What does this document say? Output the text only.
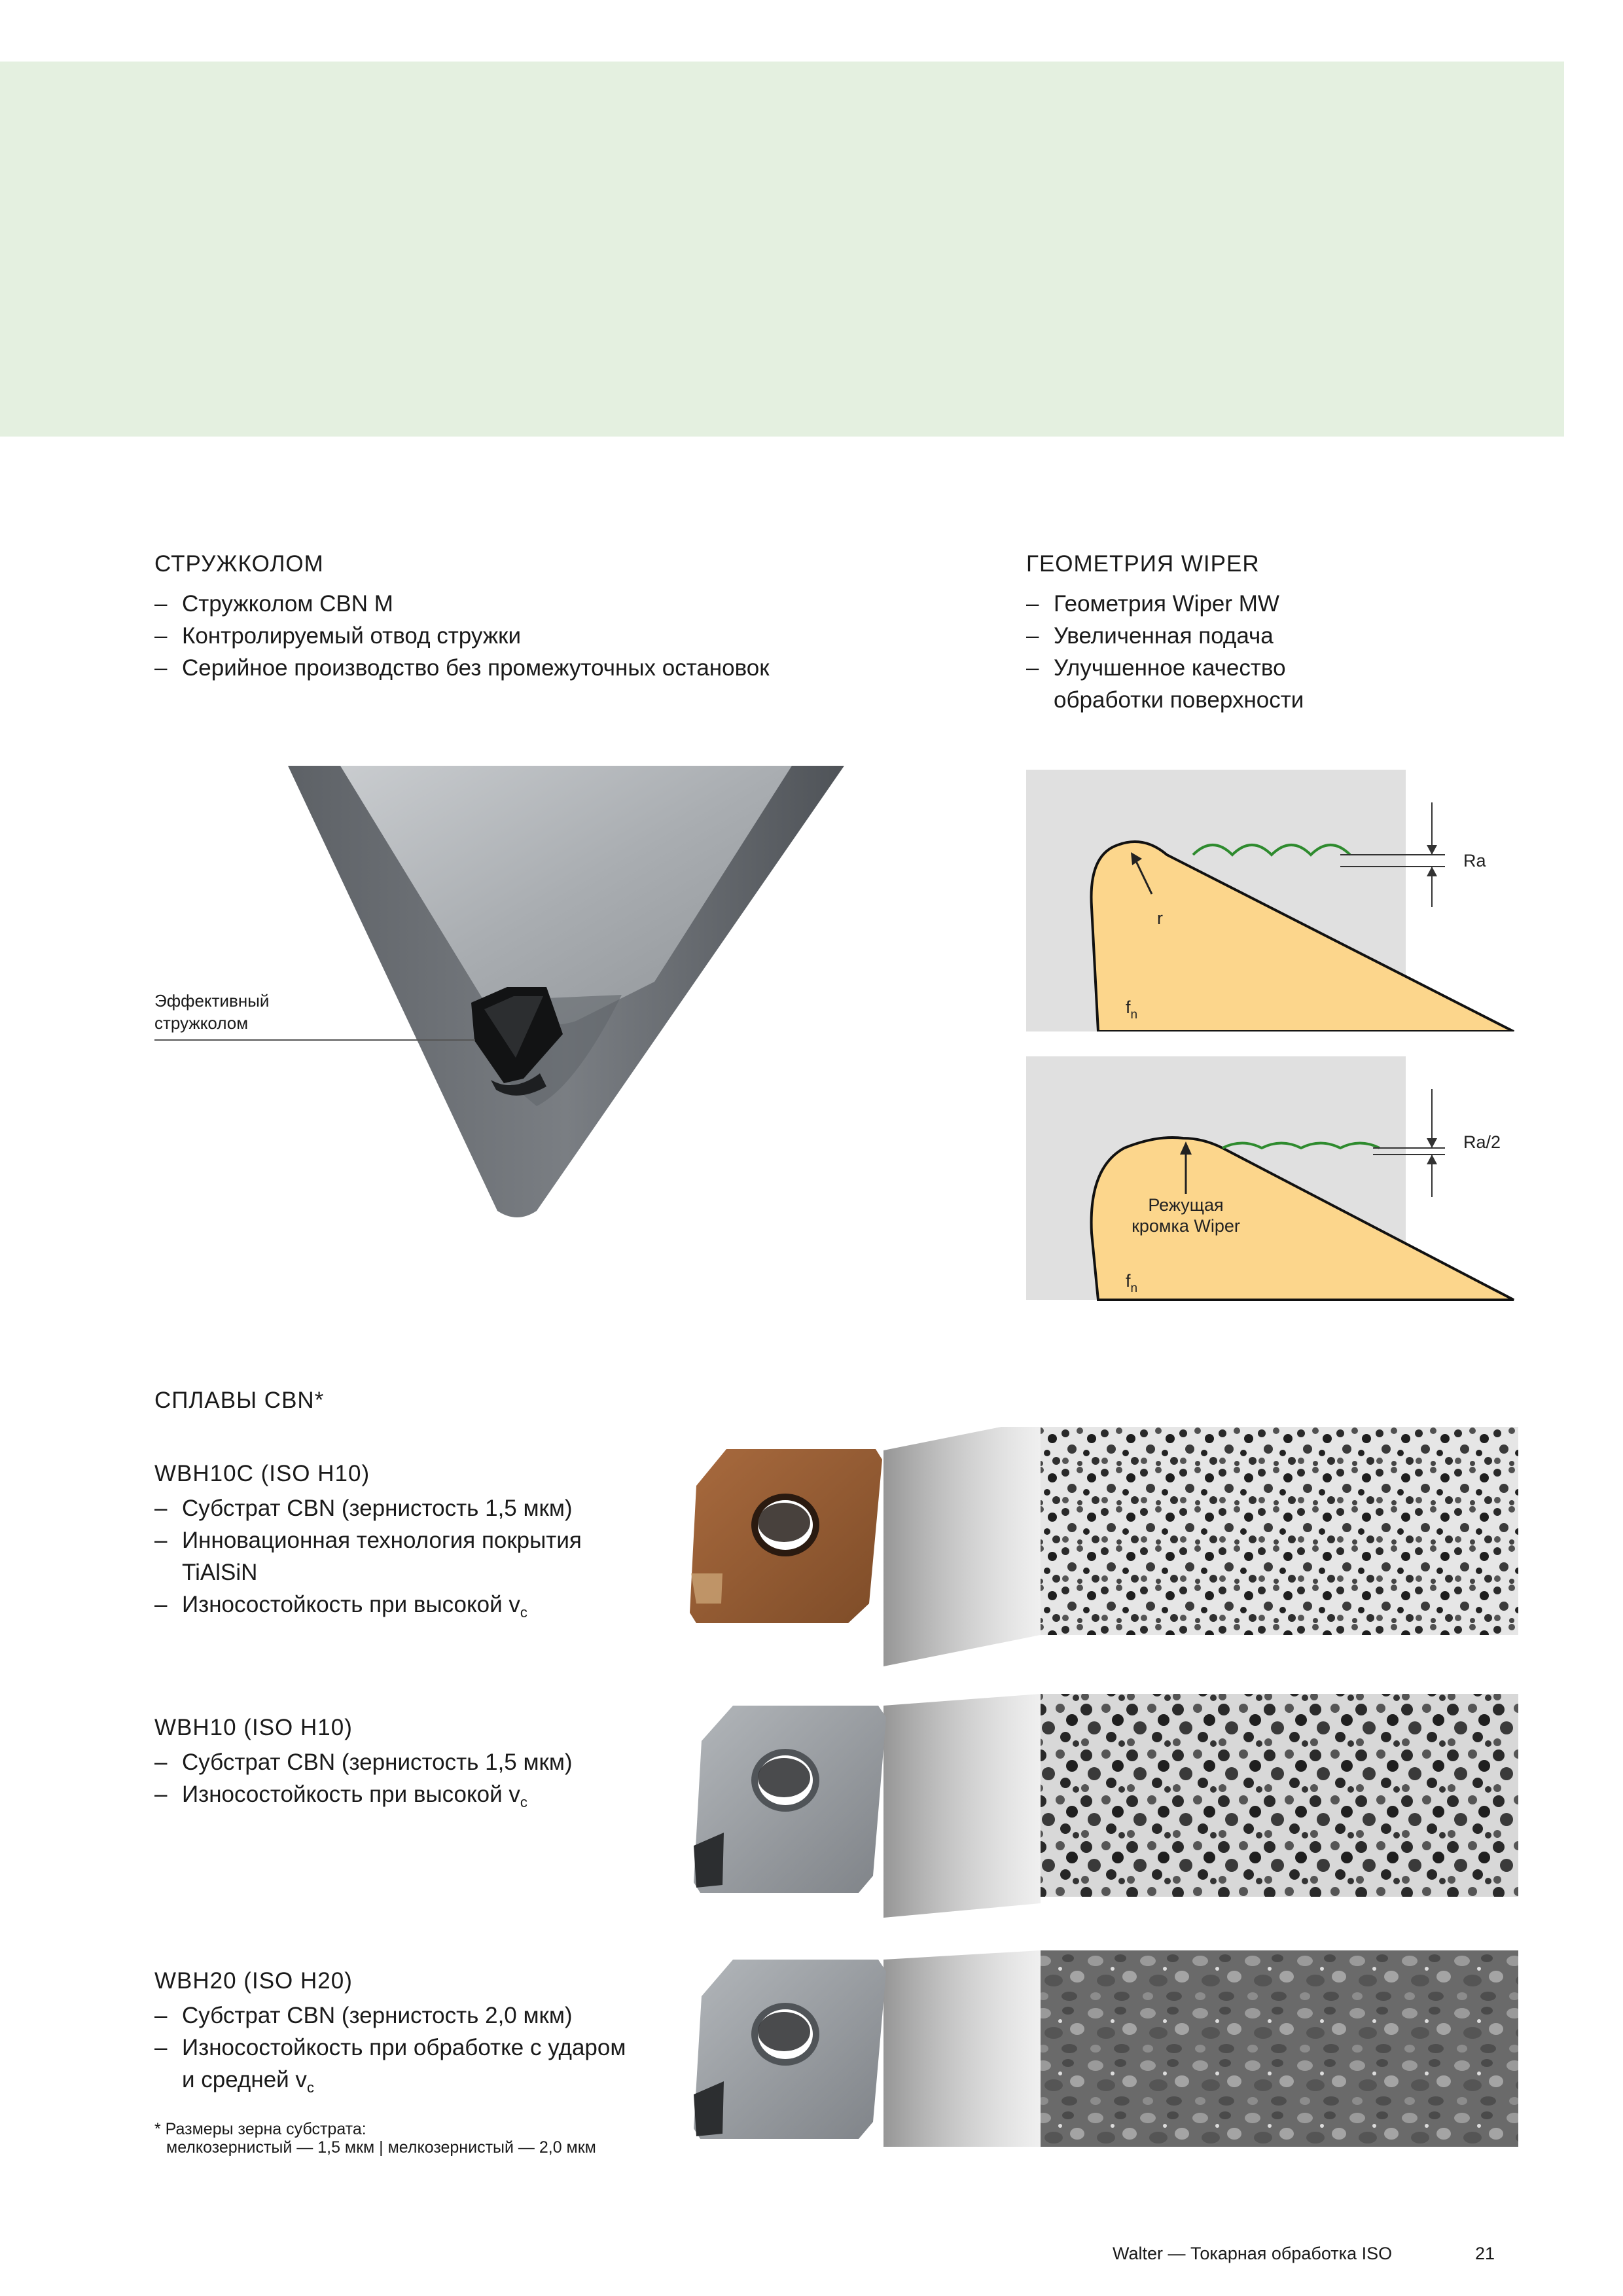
СТРУЖКОЛОМ
– Стружколом CBN M
– Контролируемый отвод стружки
– Серийное производство без промежуточных остановок
Эффективный
стружколом
ГЕОМЕТРИЯ WIPER
– Геометрия Wiper MW
– Увеличенная подача
– Улучшенное качество
обработки поверхности
Ra
r
$f_n$
Ra/2
Режущая
кромка Wiper
$f_n$
СПЛАВЫ CBN*
WBH10C (ISO H10)
– Субстрат CBN (зернистость 1,5 мкм)
– Инновационная технология покрытия
TiAlSiN
– Износостойкость при высокой $v_c$
WBH10 (ISO H10)
– Субстрат CBN (зернистость 1,5 мкм)
– Износостойкость при высокой $v_c$
WBH20 (ISO H20)
– Субстрат CBN (зернистость 2,0 мкм)
– Износостойкость при обработке с ударом
и средней $v_c$
* Размеры зерна субстрата:
мелкозернистый — 1,5 мкм | мелкозернистый — 2,0 мкм
Walter — Токарная обработка ISO	21
